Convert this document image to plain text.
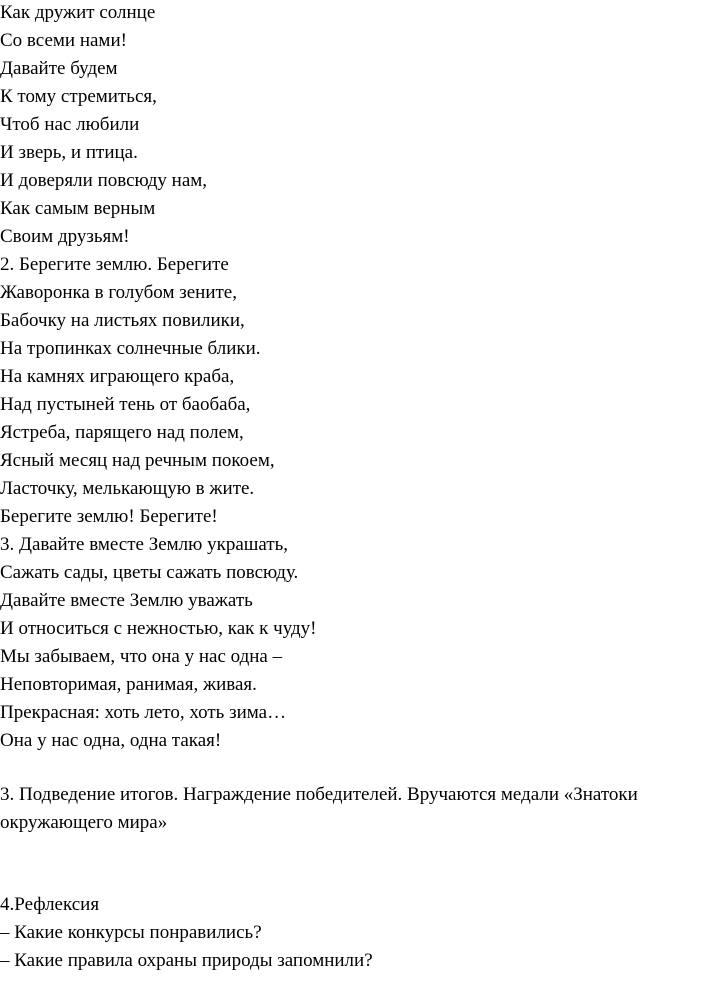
Как дружит солнце
Со всеми нами!
Давайте будем
К тому стремиться,
Чтоб нас любили
И зверь, и птица.
И доверяли повсюду нам,
Как самым верным
Своим друзьям!
2. Берегите землю. Берегите
Жаворонка в голубом зените,
Бабочку на листьях повилики,
На тропинках солнечные блики.
На камнях играющего краба,
Над пустыней тень от баобаба,
Ястреба, парящего над полем,
Ясный месяц над речным покоем,
Ласточку, мелькающую в жите.
Берегите землю! Берегите!
3. Давайте вместе Землю украшать,
Сажать сады, цветы сажать повсюду.
Давайте вместе Землю уважать
И относиться с нежностью, как к чуду!
Мы забываем, что она у нас одна –
Неповторимая, ранимая, живая.
Прекрасная: хоть лето, хоть зима…
Она у нас одна, одна такая!
3. Подведение итогов. Награждение победителей. Вручаются медали «Знатоки
окружающего мира»
4.Рефлексия
– Какие конкурсы понравились?
– Какие правила охраны природы запомнили?
